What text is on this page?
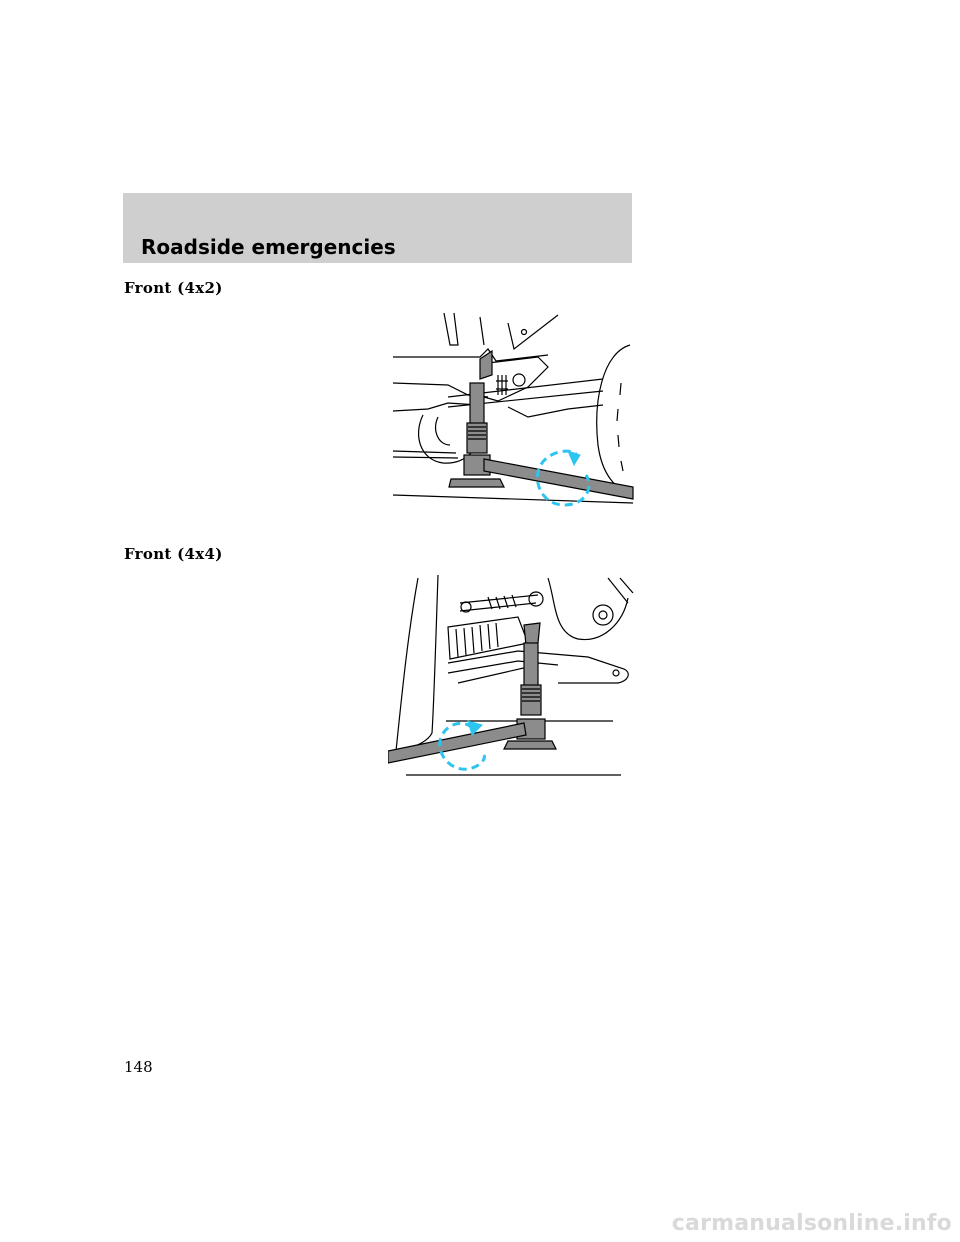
Roadside emergencies
Front (4x2)
Front (4x4)
148
carmanualsonline.info
